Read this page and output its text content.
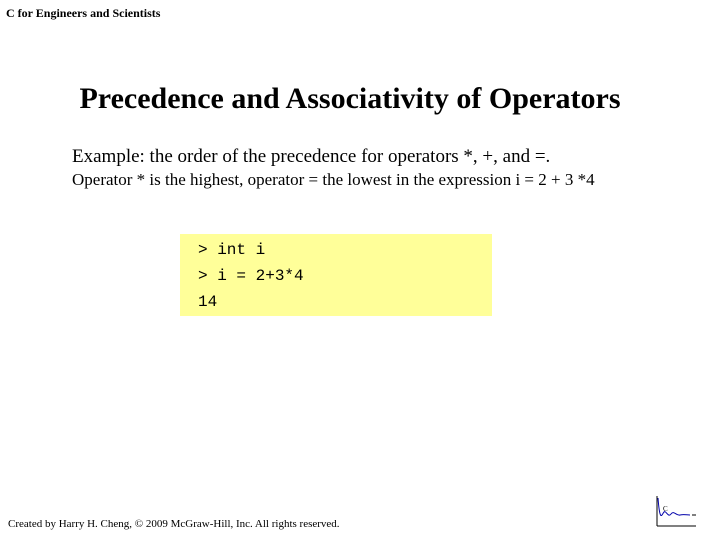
C for Engineers and Scientists
Precedence and Associativity of Operators
Example: the order of the precedence for operators *, +, and =.
Operator * is the highest, operator = the lowest in the expression i = 2 + 3 *4
> int i
> i = 2+3*4
14
Created by Harry H. Cheng, © 2009 McGraw-Hill, Inc. All rights reserved.
C
